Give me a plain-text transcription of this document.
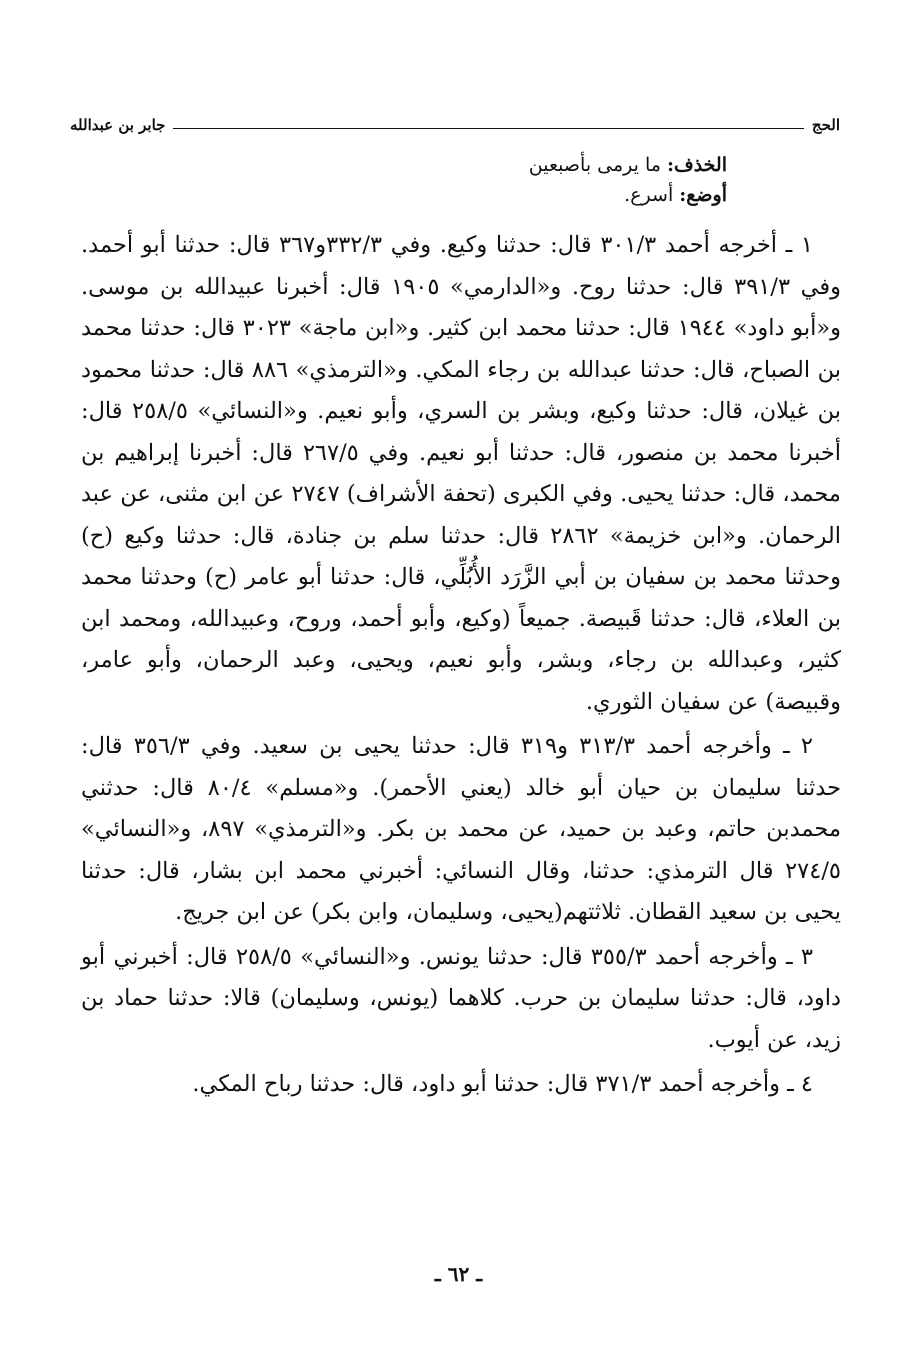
الحج
جابر بن عبدالله
الخذف: ما يرمى بأصبعين
أوضع: أسرع.

١ ـ أخرجه أحمد ٣٠١/٣ قال: حدثنا وكيع. وفي ٣٣٢/٣و٣٦٧ قال: حدثنا أبو أحمد. وفي ٣٩١/٣ قال: حدثنا روح. و«الدارمي» ١٩٠٥ قال: أخبرنا عبيدالله بن موسى. و«أبو داود» ١٩٤٤ قال: حدثنا محمد ابن كثير. و«ابن ماجة» ٣٠٢٣ قال: حدثنا محمد بن الصباح، قال: حدثنا عبدالله بن رجاء المكي. و«الترمذي» ٨٨٦ قال: حدثنا محمود بن غيلان، قال: حدثنا وكيع، وبشر بن السري، وأبو نعيم. و«النسائي» ٢٥٨/٥ قال: أخبرنا محمد بن منصور، قال: حدثنا أبو نعيم. وفي ٢٦٧/٥ قال: أخبرنا إبراهيم بن محمد، قال: حدثنا يحيى. وفي الكبرى (تحفة الأشراف) ٢٧٤٧ عن ابن مثنى، عن عبد الرحمان. و«ابن خزيمة» ٢٨٦٢ قال: حدثنا سلم بن جنادة، قال: حدثنا وكيع (ح) وحدثنا محمد بن سفيان بن أبي الزَّرَد الأُبُلِّي، قال: حدثنا أبو عامر (ح) وحدثنا محمد بن العلاء، قال: حدثنا قَبيصة. جميعاً (وكيع، وأبو أحمد، وروح، وعبيدالله، ومحمد ابن كثير، وعبدالله بن رجاء، وبشر، وأبو نعيم، ويحيى، وعبد الرحمان، وأبو عامر، وقبيصة) عن سفيان الثوري.

٢ ـ وأخرجه أحمد ٣١٣/٣ و٣١٩ قال: حدثنا يحيى بن سعيد. وفي ٣٥٦/٣ قال: حدثنا سليمان بن حيان أبو خالد (يعني الأحمر). و«مسلم» ٨٠/٤ قال: حدثني محمدبن حاتم، وعبد بن حميد، عن محمد بن بكر. و«الترمذي» ٨٩٧، و«النسائي» ٢٧٤/٥ قال الترمذي: حدثنا، وقال النسائي: أخبرني محمد ابن بشار، قال: حدثنا يحيى بن سعيد القطان. ثلاثتهم(يحيى، وسليمان، وابن بكر) عن ابن جريج.

٣ ـ وأخرجه أحمد ٣٥٥/٣ قال: حدثنا يونس. و«النسائي» ٢٥٨/٥ قال: أخبرني أبو داود، قال: حدثنا سليمان بن حرب. كلاهما (يونس، وسليمان) قالا: حدثنا حماد بن زيد، عن أيوب.

٤ ـ وأخرجه أحمد ٣٧١/٣ قال: حدثنا أبو داود، قال: حدثنا رباح المكي.

ـ ٦٢ ـ
